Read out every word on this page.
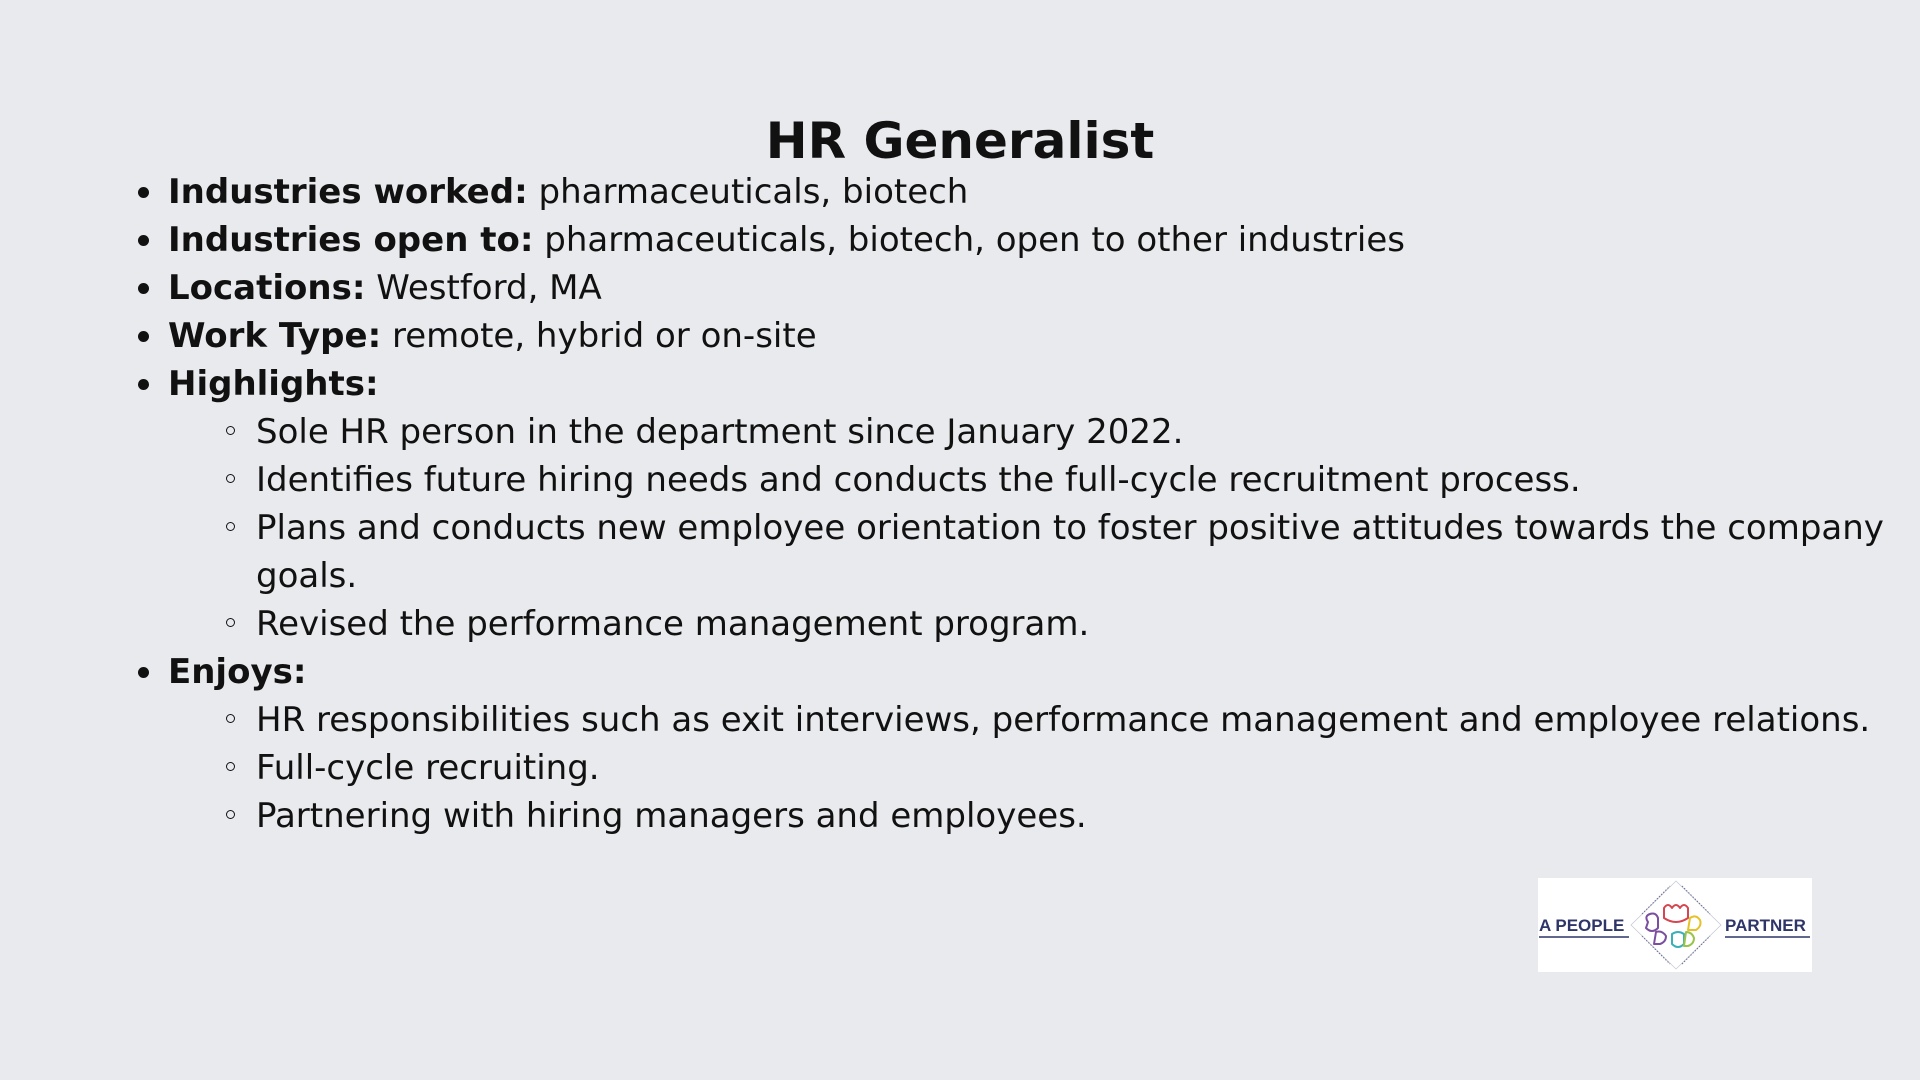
HR Generalist
Industries worked: pharmaceuticals, biotech
Industries open to: pharmaceuticals, biotech, open to other industries
Locations: Westford, MA
Work Type: remote, hybrid or on-site
Highlights:
Sole HR person in the department since January 2022.
Identifies future hiring needs and conducts the full-cycle recruitment process.
Plans and conducts new employee orientation to foster positive attitudes towards the company goals.
Revised the performance management program.
Enjoys:
HR responsibilities such as exit interviews, performance management and employee relations.
Full-cycle recruiting.
Partnering with hiring managers and employees.
A PEOPLE	PARTNER
